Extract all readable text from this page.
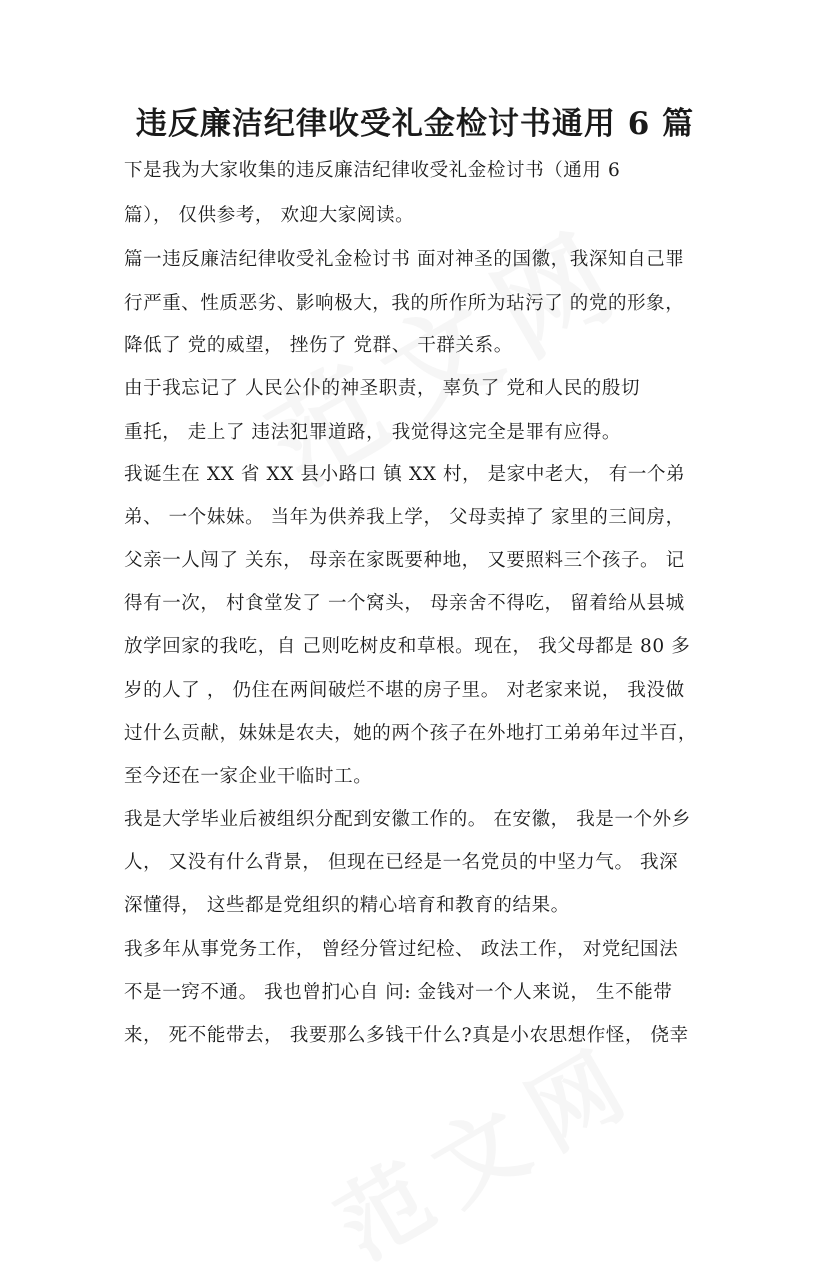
违反廉洁纪律收受礼金检讨书通用 6 篇
下是我为大家收集的违反廉洁纪律收受礼金检讨书（通用 6
篇）， 仅供参考， 欢迎大家阅读。
篇一违反廉洁纪律收受礼金检讨书 面对神圣的国徽，我深知自己罪
行严重、性质恶劣、影响极大，我的所作所为玷污了 的党的形象，
降低了 党的威望， 挫伤了 党群、 干群关系。
由于我忘记了 人民公仆的神圣职责， 辜负了 党和人民的殷切
重托， 走上了 违法犯罪道路， 我觉得这完全是罪有应得。
我诞生在 XX 省 XX 县小路口 镇 XX 村， 是家中老大， 有一个弟
弟、 一个妹妹。 当年为供养我上学， 父母卖掉了 家里的三间房，
父亲一人闯了 关东， 母亲在家既要种地， 又要照料三个孩子。 记
得有一次， 村食堂发了 一个窝头， 母亲舍不得吃， 留着给从县城
放学回家的我吃，自 己则吃树皮和草根。现在， 我父母都是 80 多
岁的人了 ， 仍住在两间破烂不堪的房子里。 对老家来说， 我没做
过什么贡献，妹妹是农夫，她的两个孩子在外地打工弟弟年过半百，
至今还在一家企业干临时工。
我是大学毕业后被组织分配到安徽工作的。 在安徽， 我是一个外乡
人， 又没有什么背景， 但现在已经是一名党员的中坚力气。 我深
深懂得， 这些都是党组织的精心培育和教育的结果。
我多年从事党务工作， 曾经分管过纪检、 政法工作， 对党纪国法
不是一窍不通。 我也曾扪心自 问: 金钱对一个人来说， 生不能带
来， 死不能带去， 我要那么多钱干什么?真是小农思想作怪， 侥幸
